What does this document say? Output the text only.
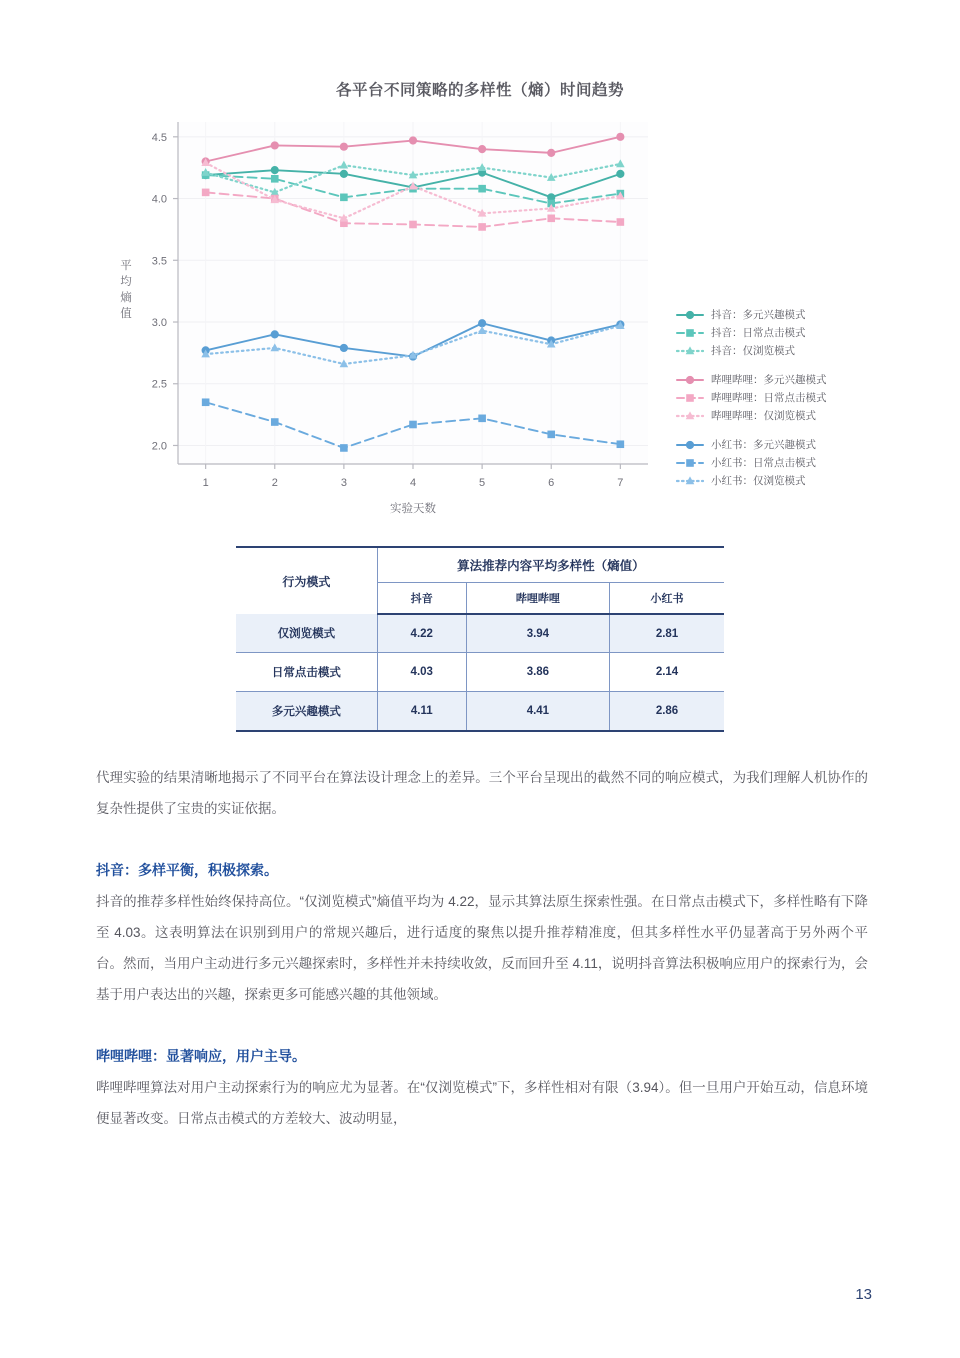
各平台不同策略的多样性（熵）时间趋势
2.0
2.5
3.0
3.5
4.0
4.5
1	2	3	4	5	6	7
实验天数
平
均
熵
值	抖音：多元兴趣模式
抖音：日常点击模式
抖音：仅浏览模式
哔哩哔哩：多元兴趣模式
哔哩哔哩：日常点击模式
哔哩哔哩：仅浏览模式
小红书：多元兴趣模式
小红书：日常点击模式
小红书：仅浏览模式
行为模式	算法推荐内容平均多样性（熵值）		
	抖音	哔哩哔哩	小红书
仅浏览模式	4.22	3.94	2.81
日常点击模式	4.03	3.86	2.14
多元兴趣模式	4.11	4.41	2.86

代理实验的结果清晰地揭示了不同平台在算法设计理念上的差异。三个平台呈现出的截然不同的响应模式，为我们理解人机协作的复杂性提供了宝贵的实证依据。

抖音：多样平衡，积极探索。

抖音的推荐多样性始终保持高位。“仅浏览模式”熵值平均为 4.22，显示其算法原生探索性强。在日常点击模式下，多样性略有下降至 4.03。这表明算法在识别到用户的常规兴趣后，进行适度的聚焦以提升推荐精准度，但其多样性水平仍显著高于另外两个平台。然而，当用户主动进行多元兴趣探索时，多样性并未持续收敛，反而回升至 4.11，说明抖音算法积极响应用户的探索行为，会基于用户表达出的兴趣，探索更多可能感兴趣的其他领域。

哔哩哔哩：显著响应，用户主导。

哔哩哔哩算法对用户主动探索行为的响应尤为显著。在“仅浏览模式”下，多样性相对有限（3.94）。但一旦用户开始互动，信息环境便显著改变。日常点击模式的方差较大、波动明显，

13
